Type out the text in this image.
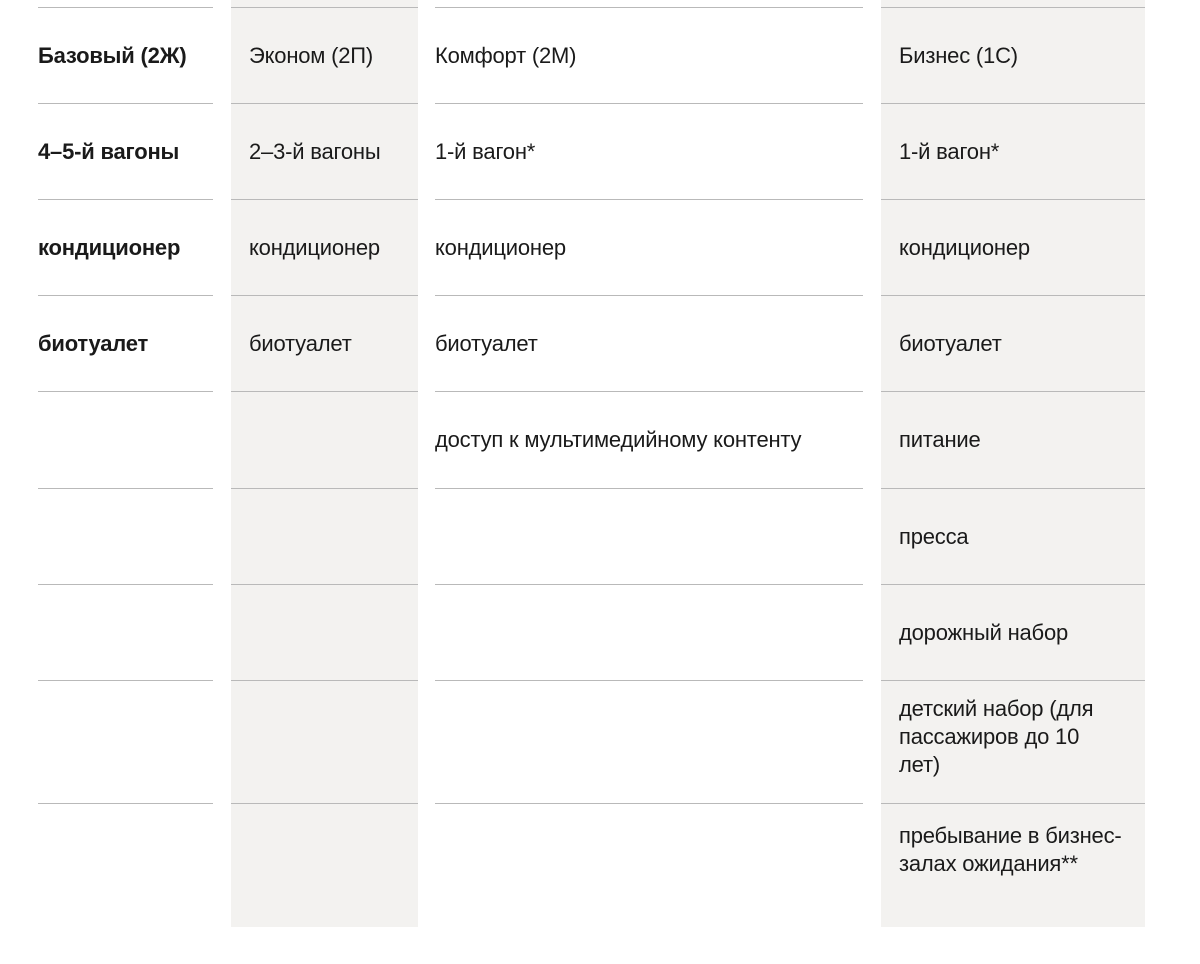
Базовый (2Ж)
4–5-й вагоны
кондиционер
биотуалет
Эконом (2П)
2–3-й вагоны
кондиционер
биотуалет
Комфорт (2М)
1-й вагон*
кондиционер
биотуалет
доступ к мультимедийному контенту
Бизнес (1С)
1-й вагон*
кондиционер
биотуалет
питание
пресса
дорожный набор
детский набор (для пассажиров до 10 лет)
пребывание в бизнес-залах ожидания**
